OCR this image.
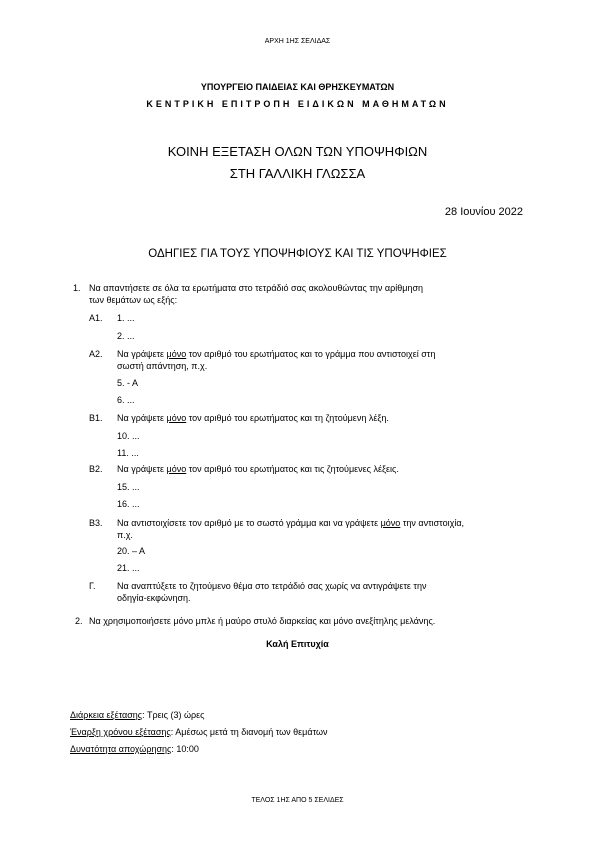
ΑΡΧΗ 1ΗΣ ΣΕΛΙΔΑΣ
ΥΠΟΥΡΓΕΙΟ ΠΑΙΔΕΙΑΣ ΚΑΙ ΘΡΗΣΚΕΥΜΑΤΩΝ
ΚΕΝΤΡΙΚΗ ΕΠΙΤΡΟΠΗ ΕΙΔΙΚΩΝ ΜΑΘΗΜΑΤΩΝ
ΚΟΙΝΗ ΕΞΕΤΑΣΗ ΟΛΩΝ ΤΩΝ ΥΠΟΨΗΦΙΩΝ
ΣΤΗ ΓΑΛΛΙΚΗ ΓΛΩΣΣΑ
28 Ιουνίου 2022
ΟΔΗΓΙΕΣ ΓΙΑ ΤΟΥΣ ΥΠΟΨΗΦΙΟΥΣ ΚΑΙ ΤΙΣ ΥΠΟΨΗΦΙΕΣ
1. Να απαντήσετε σε όλα τα ερωτήματα στο τετράδιό σας ακολουθώντας την αρίθμηση
των θεμάτων ως εξής:
Α1. 1. ...
2. ...
Α2. Να γράψετε μόνο τον αριθμό του ερωτήματος και το γράμμα που αντιστοιχεί στη
σωστή απάντηση, π.χ.
5. - Α
6. ...
Β1. Να γράψετε μόνο τον αριθμό του ερωτήματος και τη ζητούμενη λέξη.
10. ...
11. ...
Β2. Να γράψετε μόνο τον αριθμό του ερωτήματος και τις ζητούμενες λέξεις.
15. ...
16. ...
Β3. Να αντιστοιχίσετε τον αριθμό με το σωστό γράμμα και να γράψετε μόνο την αντιστοιχία,
π.χ.
20. – Α
21. ...
Γ. Να αναπτύξετε το ζητούμενο θέμα στο τετράδιό σας χωρίς να αντιγράψετε την
οδηγία-εκφώνηση.
2. Να χρησιμοποιήσετε μόνο μπλε ή μαύρο στυλό διαρκείας και μόνο ανεξίτηλης μελάνης.
Καλή Επιτυχία
Διάρκεια εξέτασης: Τρεις (3) ώρες
Έναρξη χρόνου εξέτασης: Αμέσως μετά τη διανομή των θεμάτων
Δυνατότητα αποχώρησης: 10:00
ΤΕΛΟΣ 1ΗΣ ΑΠΟ 5 ΣΕΛΙΔΕΣ
